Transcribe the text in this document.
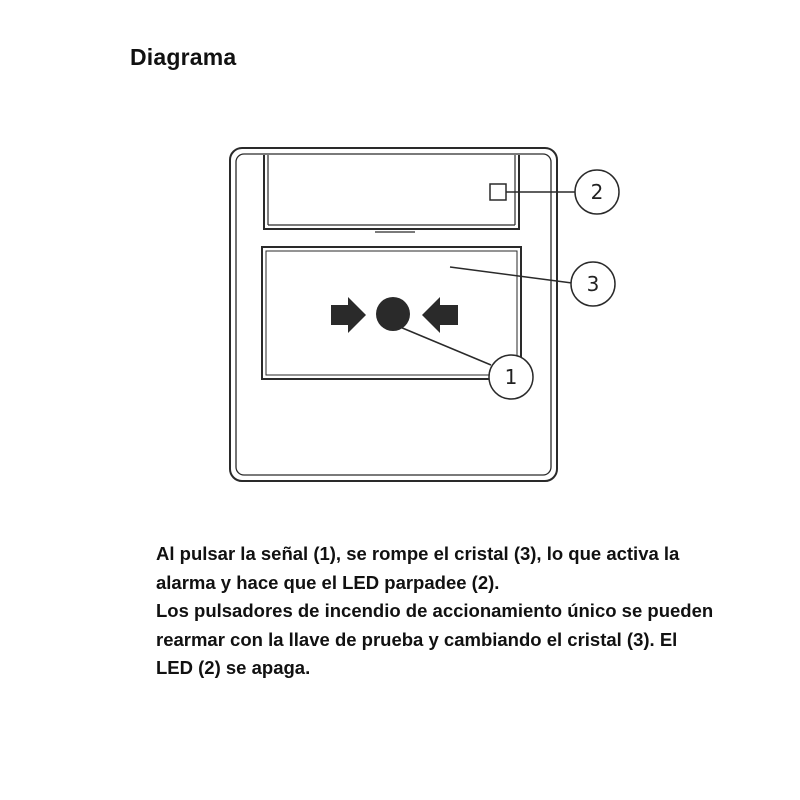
Diagrama
2
3
1

Al pulsar la señal (1), se rompe el cristal (3), lo que activa la alarma y hace que el LED parpadee (2).

Los pulsadores de incendio de accionamiento único se pueden rearmar con la llave de prueba y cambiando el cristal (3). El LED (2) se apaga.
